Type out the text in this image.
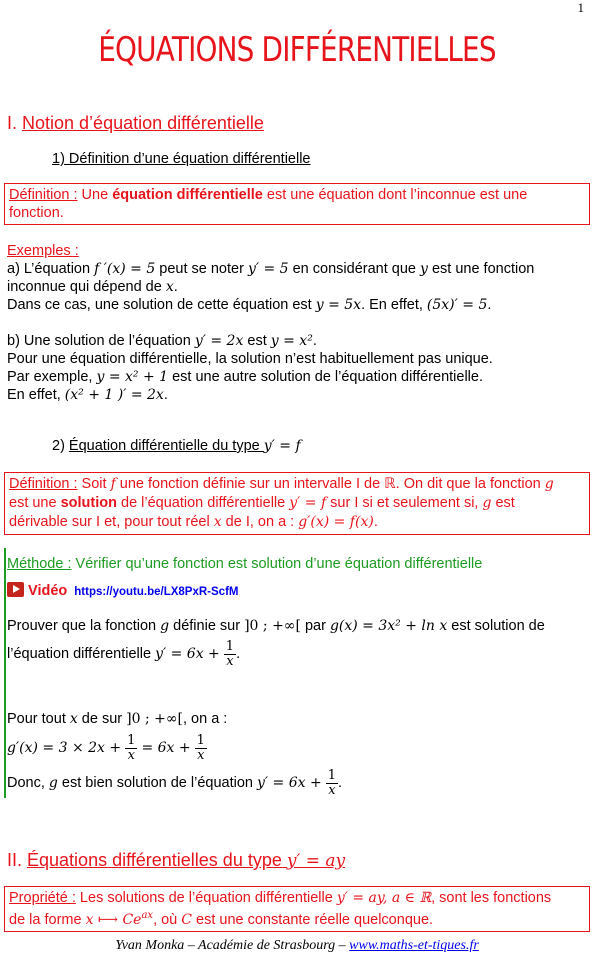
1
ÉQUATIONS DIFFÉRENTIELLES
I. Notion d’équation différentielle
1) Définition d’une équation différentielle
Définition : Une équation différentielle est une équation dont l’inconnue est une
fonction.
Exemples :
a) L’équation f ′(x) = 5 peut se noter y′ = 5 en considérant que y est une fonction
inconnue qui dépend de x.
Dans ce cas, une solution de cette équation est y = 5x. En effet, (5x)′ = 5.
b) Une solution de l’équation y′ = 2x est y = x².
Pour une équation différentielle, la solution n’est habituellement pas unique.
Par exemple, y = x² + 1 est une autre solution de l’équation différentielle.
En effet, (x² + 1 )′ = 2x.
2) Équation différentielle du type y′ = f
Définition : Soit f une fonction définie sur un intervalle I de ℝ. On dit que la fonction g
est une solution de l’équation différentielle y′ = f sur I si et seulement si, g est
dérivable sur I et, pour tout réel x de I, on a : g′(x) = f(x).
Méthode : Vérifier qu’une fonction est solution d’une équation différentielle
Vidéo https://youtu.be/LX8PxR-ScfM
Prouver que la fonction g définie sur ]0 ; +∞[ par g(x) = 3x² + ln x est solution de
l’équation différentielle $y' = 6x + \frac{1}{x}$ .
Pour tout x de sur ]0 ; +∞[, on a :
$g'(x) = 3 \times 2x + \frac{1}{x} = 6x + \frac{1}{x}$
Donc, g est bien solution de l’équation $y' = 6x + \frac{1}{x}$ .
II. Équations différentielles du type y′ = ay
Propriété : Les solutions de l’équation différentielle y′ = ay, a ∈ ℝ, sont les fonctions
de la forme x ⟼ $Ce^{ax}$, où C est une constante réelle quelconque.
Yvan Monka – Académie de Strasbourg – www.maths-et-tiques.fr
